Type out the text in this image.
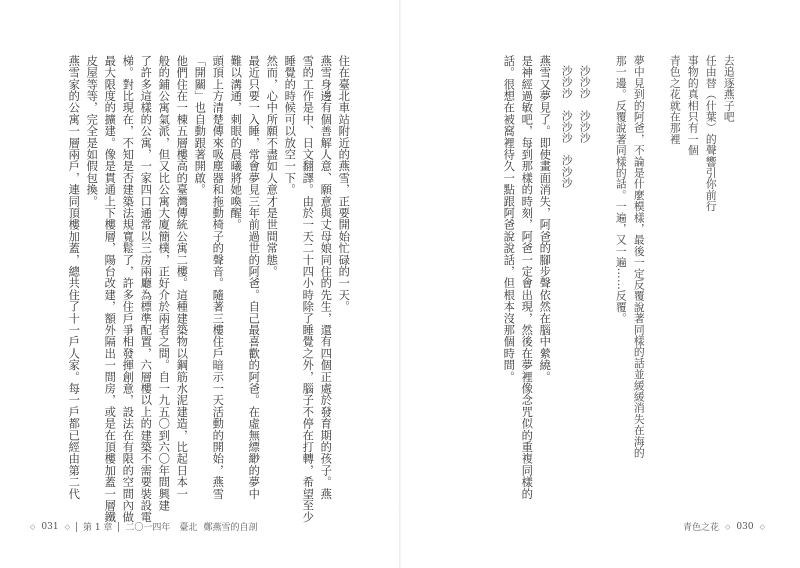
住在臺北車站附近的燕雪，正要開始忙碌的一天。
燕雪身邊有個善解人意、願意與丈母娘同住的先生，還有四個正處於發育期的孩子。燕
雪的工作是中、日文翻譯。由於一天二十四小時除了睡覺之外，腦子不停在打轉，希望至少
睡覺的時候可以放空一下。
然而，心中所願不盡如人意才是世間常態。
最近只要一入睡，常會夢見三年前過世的阿爸。自己最喜歡的阿爸。在虛無縹緲的夢中
難以溝通，刺眼的晨曦將她喚醒。
頭頂上方清楚傳來吸塵器和拖動椅子的聲音。隨著三樓住戶暗示一天活動的開始，燕雪
「開關」也自動跟著開啟。
他們住在一棟五層樓高的臺灣傳統公寓二樓。這種建築物以鋼筋水泥建造，比起日本一
般的鋪公寓氣派，但又比公寓大廈簡樸，正好介於兩者之間。自一九五〇到六〇年間興建
了許多這樣的公寓，一家四口通常以三房兩廳為標準配置，六層樓以上的建築不需要裝設電
梯。對比現在，不知是否建築法規寬鬆了，許多住戶爭相發揮創意，設法在有限的空間內做
最大限度的擴建。像是貫通上下樓層，陽台改建，額外隔出一間房，或是在頂樓加蓋一層鐵
皮屋等等，完全是如假包換。
燕雪家的公寓一層兩戶，連同頂樓加蓋，總共住了十一戶人家。每一戶都已經由第二代
◇ 031 ◇ 第 1 章 二〇一四年　臺北 鄭燕雪的自剖
去追逐燕子吧
任由替（什葉）的聲響引你前行
事物的真相只有一個
青色之花就在那裡
夢中見到的阿爸，不論是什麼模樣，最後一定反覆說著同樣的話並緩緩消失在海的
那一邊。反覆說著同樣的話。一遍，又一遍……反覆。
沙沙沙　沙沙沙
沙沙沙　沙沙沙　沙沙沙
燕雪又夢見了。即使畫面消失，阿爸的腳步聲依然在腦中縈繞。
是神經過敏吧，每到那樣的時刻，阿爸一定會出現，然後在夢裡像念咒似的重複同樣的
話。很想在被窩裡待久一點跟阿爸說說話，但根本沒那個時間。
青色之花 ◇ 030 ◇
